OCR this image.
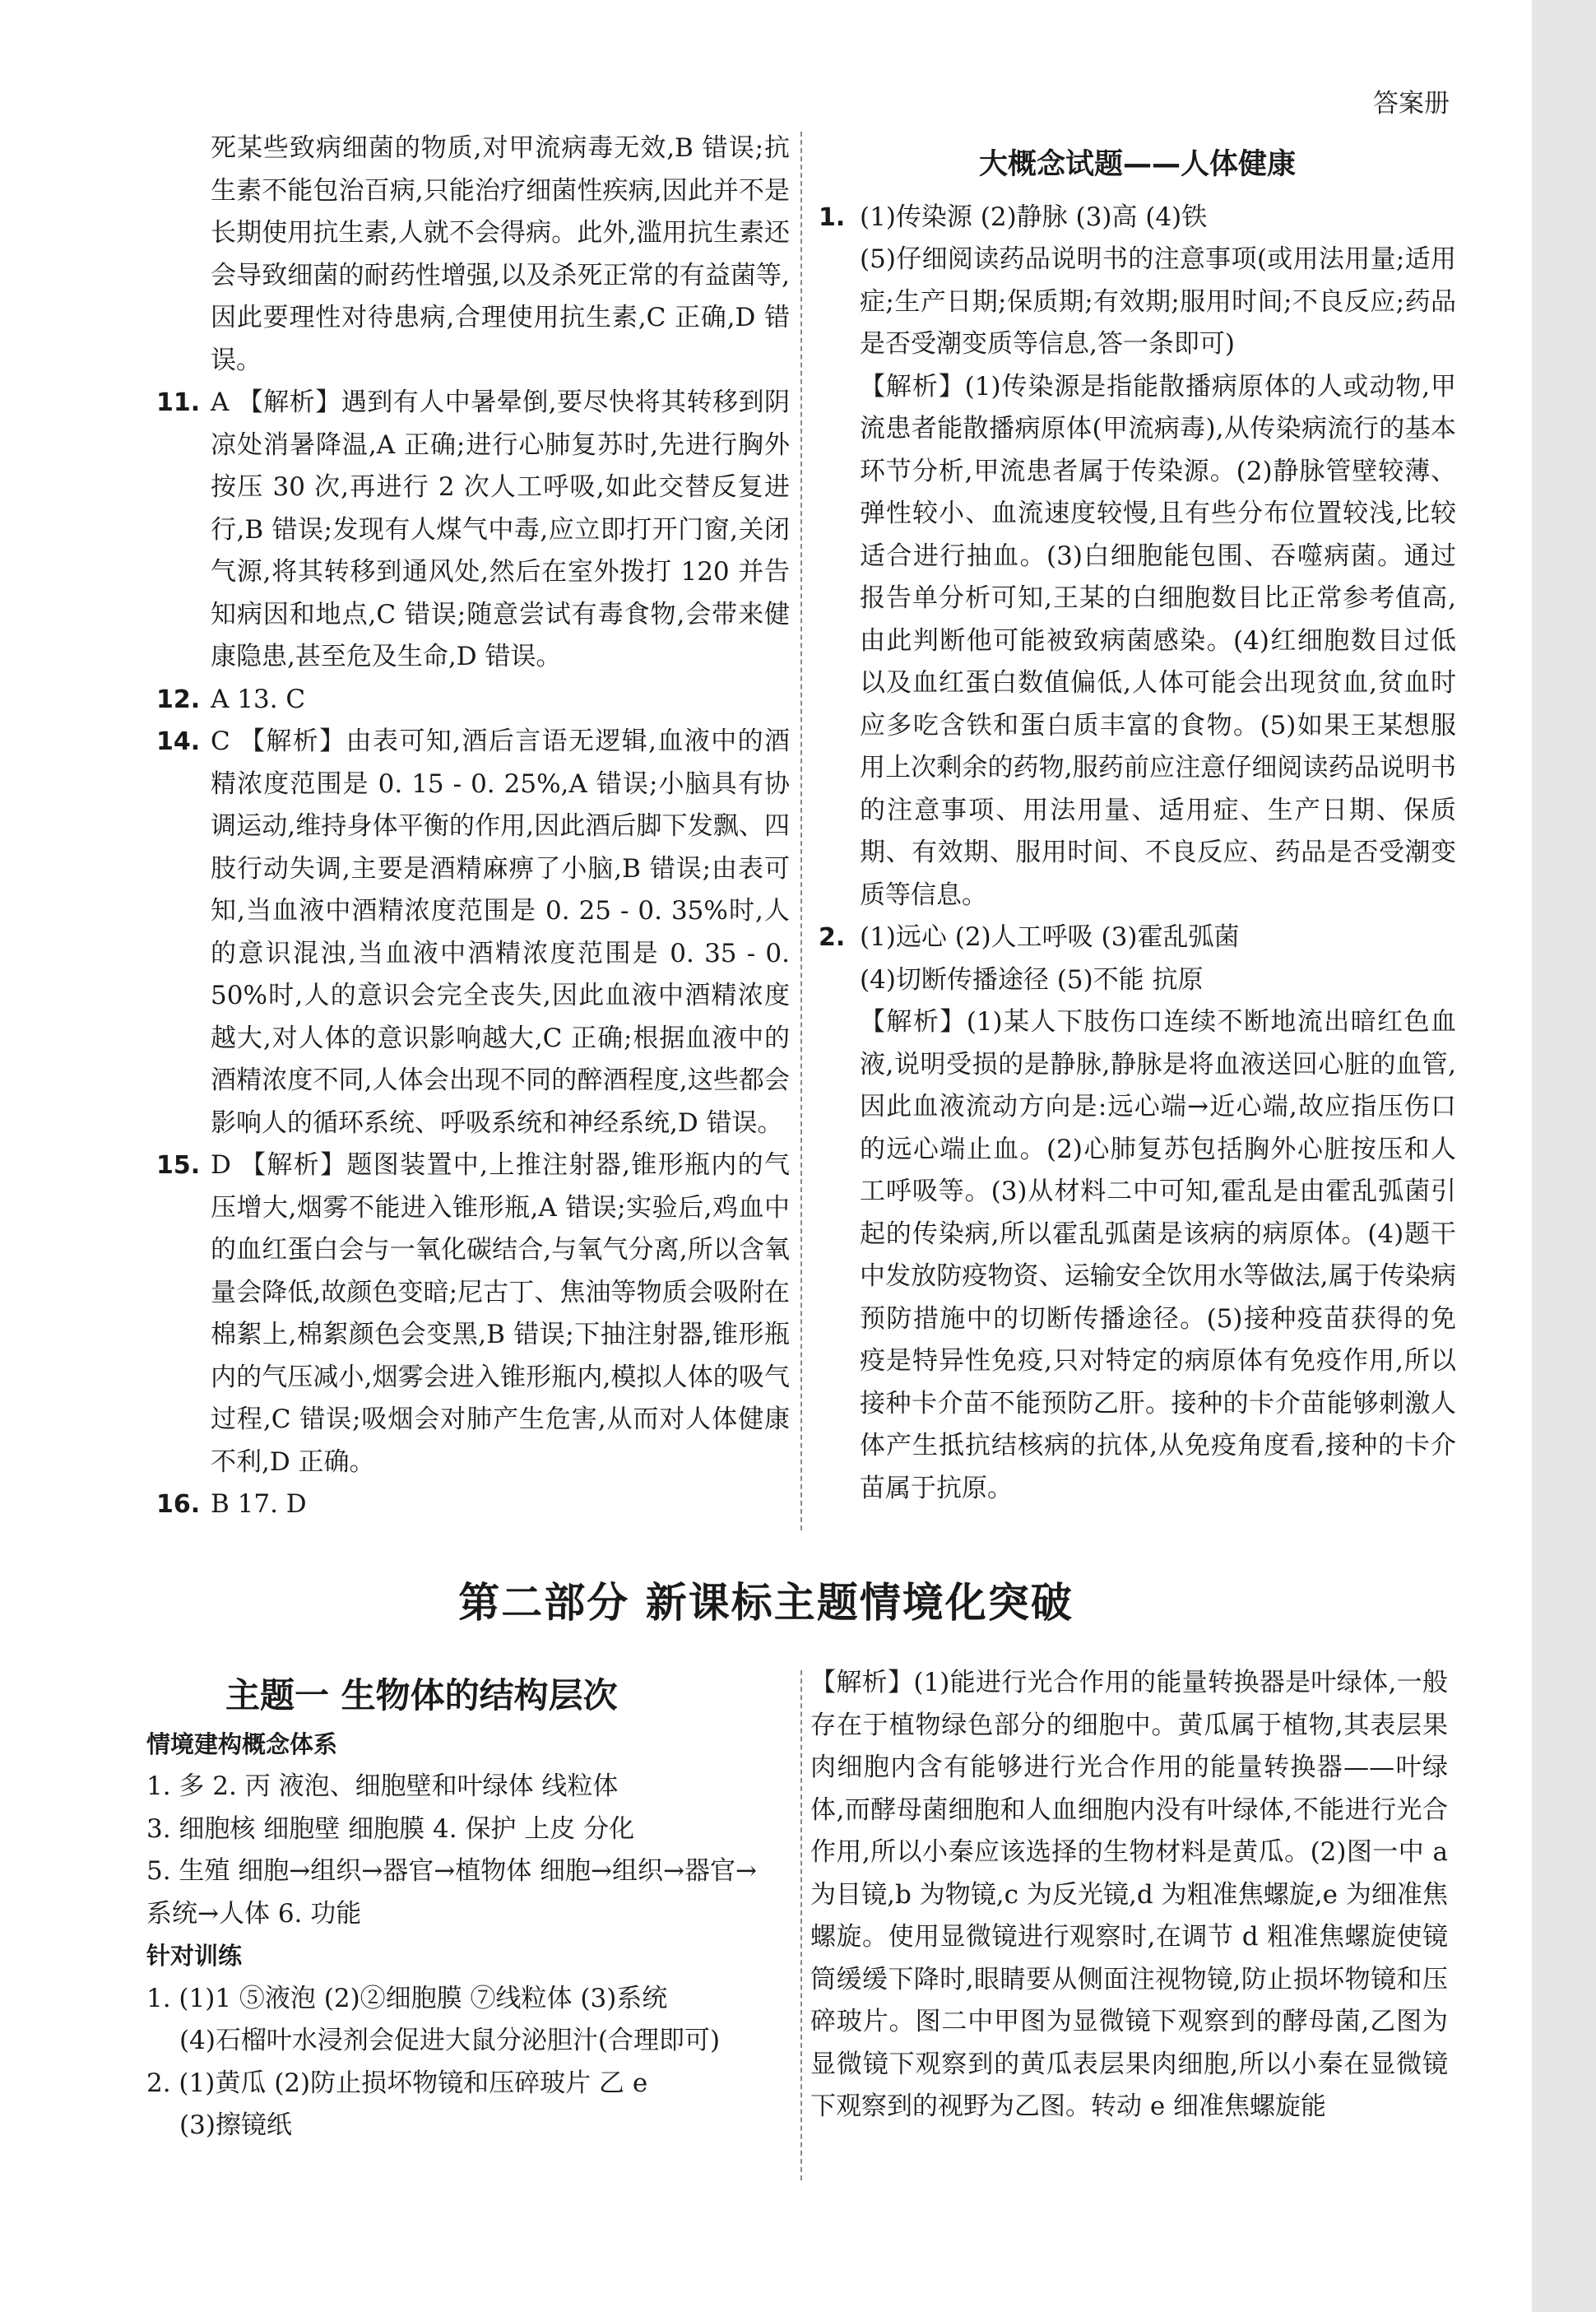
答案册
死某些致病细菌的物质,对甲流病毒无效,B 错误;抗生素不能包治百病,只能治疗细菌性疾病,因此并不是长期使用抗生素,人就不会得病。此外,滥用抗生素还会导致细菌的耐药性增强,以及杀死正常的有益菌等,因此要理性对待患病,合理使用抗生素,C 正确,D 错误。
11. A 【解析】遇到有人中暑晕倒,要尽快将其转移到阴凉处消暑降温,A 正确;进行心肺复苏时,先进行胸外按压 30 次,再进行 2 次人工呼吸,如此交替反复进行,B 错误;发现有人煤气中毒,应立即打开门窗,关闭气源,将其转移到通风处,然后在室外拨打 120 并告知病因和地点,C 错误;随意尝试有毒食物,会带来健康隐患,甚至危及生命,D 错误。
12. A 13. C
14. C 【解析】由表可知,酒后言语无逻辑,血液中的酒精浓度范围是 0. 15 - 0. 25%,A 错误;小脑具有协调运动,维持身体平衡的作用,因此酒后脚下发飘、四肢行动失调,主要是酒精麻痹了小脑,B 错误;由表可知,当血液中酒精浓度范围是 0. 25 - 0. 35%时,人的意识混浊,当血液中酒精浓度范围是 0. 35 - 0. 50%时,人的意识会完全丧失,因此血液中酒精浓度越大,对人体的意识影响越大,C 正确;根据血液中的酒精浓度不同,人体会出现不同的醉酒程度,这些都会影响人的循环系统、呼吸系统和神经系统,D 错误。
15. D 【解析】题图装置中,上推注射器,锥形瓶内的气压增大,烟雾不能进入锥形瓶,A 错误;实验后,鸡血中的血红蛋白会与一氧化碳结合,与氧气分离,所以含氧量会降低,故颜色变暗;尼古丁、焦油等物质会吸附在棉絮上,棉絮颜色会变黑,B 错误;下抽注射器,锥形瓶内的气压减小,烟雾会进入锥形瓶内,模拟人体的吸气过程,C 错误;吸烟会对肺产生危害,从而对人体健康不利,D 正确。
16. B 17. D

大概念试题——人体健康

1. (1)传染源 (2)静脉 (3)高 (4)铁

(5)仔细阅读药品说明书的注意事项(或用法用量;适用症;生产日期;保质期;有效期;服用时间;不良反应;药品是否受潮变质等信息,答一条即可)

【解析】(1)传染源是指能散播病原体的人或动物,甲流患者能散播病原体(甲流病毒),从传染病流行的基本环节分析,甲流患者属于传染源。(2)静脉管壁较薄、弹性较小、血流速度较慢,且有些分布位置较浅,比较适合进行抽血。(3)白细胞能包围、吞噬病菌。通过报告单分析可知,王某的白细胞数目比正常参考值高,由此判断他可能被致病菌感染。(4)红细胞数目过低以及血红蛋白数值偏低,人体可能会出现贫血,贫血时应多吃含铁和蛋白质丰富的食物。(5)如果王某想服用上次剩余的药物,服药前应注意仔细阅读药品说明书的注意事项、用法用量、适用症、生产日期、保质期、有效期、服用时间、不良反应、药品是否受潮变质等信息。

2. (1)远心 (2)人工呼吸 (3)霍乱弧菌

(4)切断传播途径 (5)不能 抗原

【解析】(1)某人下肢伤口连续不断地流出暗红色血液,说明受损的是静脉,静脉是将血液送回心脏的血管,因此血液流动方向是:远心端→近心端,故应指压伤口的远心端止血。(2)心肺复苏包括胸外心脏按压和人工呼吸等。(3)从材料二中可知,霍乱是由霍乱弧菌引起的传染病,所以霍乱弧菌是该病的病原体。(4)题干中发放防疫物资、运输安全饮用水等做法,属于传染病预防措施中的切断传播途径。(5)接种疫苗获得的免疫是特异性免疫,只对特定的病原体有免疫作用,所以接种卡介苗不能预防乙肝。接种的卡介苗能够刺激人体产生抵抗结核病的抗体,从免疫角度看,接种的卡介苗属于抗原。

第二部分 新课标主题情境化突破

主题一 生物体的结构层次

情境建构概念体系

1. 多 2. 丙 液泡、细胞壁和叶绿体 线粒体

3. 细胞核 细胞壁 细胞膜 4. 保护 上皮 分化

5. 生殖 细胞→组织→器官→植物体 细胞→组织→器官→系统→人体 6. 功能

针对训练

1. (1)1 ⑤液泡 (2)②细胞膜 ⑦线粒体 (3)系统

(4)石榴叶水浸剂会促进大鼠分泌胆汁(合理即可)

2. (1)黄瓜 (2)防止损坏物镜和压碎玻片 乙 e

(3)擦镜纸

【解析】(1)能进行光合作用的能量转换器是叶绿体,一般存在于植物绿色部分的细胞中。黄瓜属于植物,其表层果肉细胞内含有能够进行光合作用的能量转换器——叶绿体,而酵母菌细胞和人血细胞内没有叶绿体,不能进行光合作用,所以小秦应该选择的生物材料是黄瓜。(2)图一中 a 为目镜,b 为物镜,c 为反光镜,d 为粗准焦螺旋,e 为细准焦螺旋。使用显微镜进行观察时,在调节 d 粗准焦螺旋使镜筒缓缓下降时,眼睛要从侧面注视物镜,防止损坏物镜和压碎玻片。图二中甲图为显微镜下观察到的酵母菌,乙图为显微镜下观察到的黄瓜表层果肉细胞,所以小秦在显微镜下观察到的视野为乙图。转动 e 细准焦螺旋能
